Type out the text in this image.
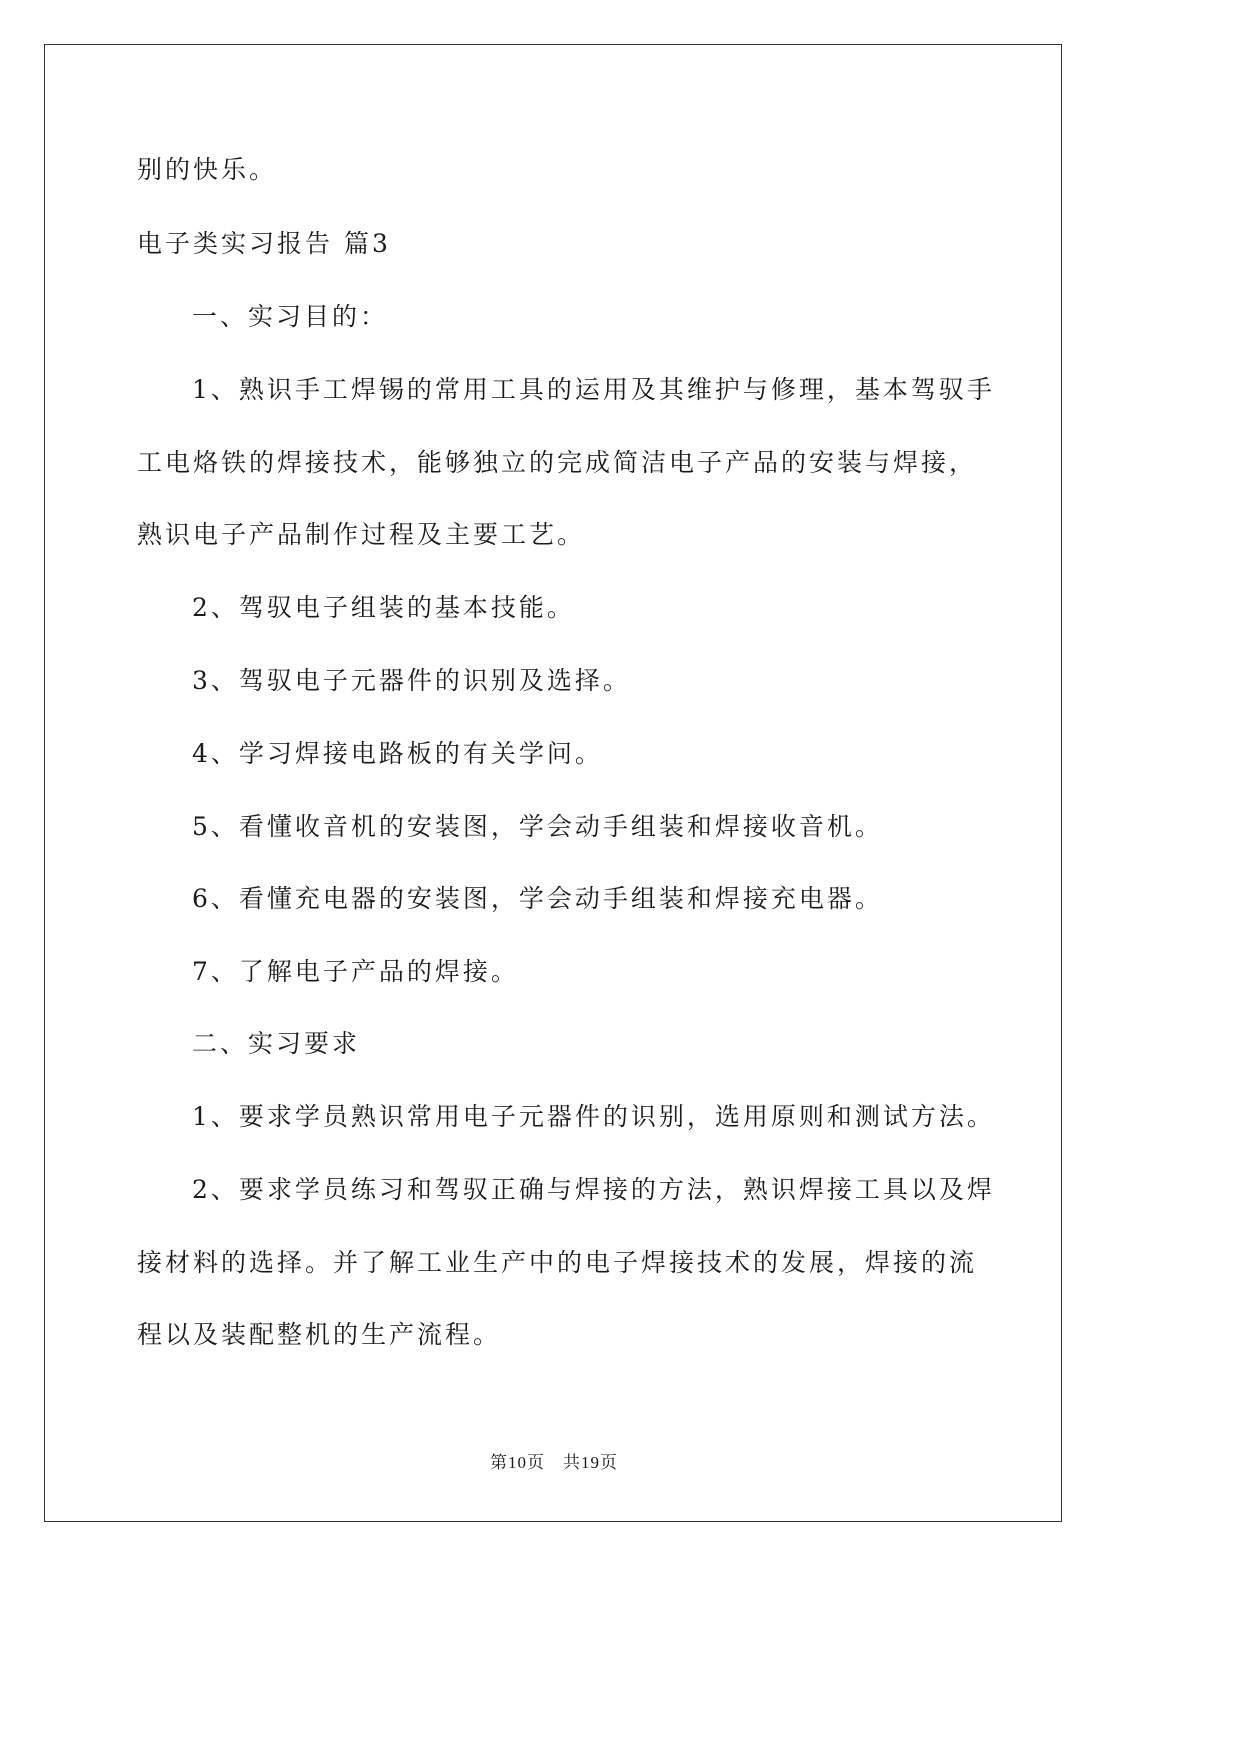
别的快乐。
电子类实习报告 篇3
一、实习目的：
1、熟识手工焊锡的常用工具的运用及其维护与修理，基本驾驭手
工电烙铁的焊接技术，能够独立的完成简洁电子产品的安装与焊接，
熟识电子产品制作过程及主要工艺。
2、驾驭电子组装的基本技能。
3、驾驭电子元器件的识别及选择。
4、学习焊接电路板的有关学问。
5、看懂收音机的安装图，学会动手组装和焊接收音机。
6、看懂充电器的安装图，学会动手组装和焊接充电器。
7、了解电子产品的焊接。
二、实习要求
1、要求学员熟识常用电子元器件的识别，选用原则和测试方法。
2、要求学员练习和驾驭正确与焊接的方法，熟识焊接工具以及焊
接材料的选择。并了解工业生产中的电子焊接技术的发展，焊接的流
程以及装配整机的生产流程。
第10页 共19页
